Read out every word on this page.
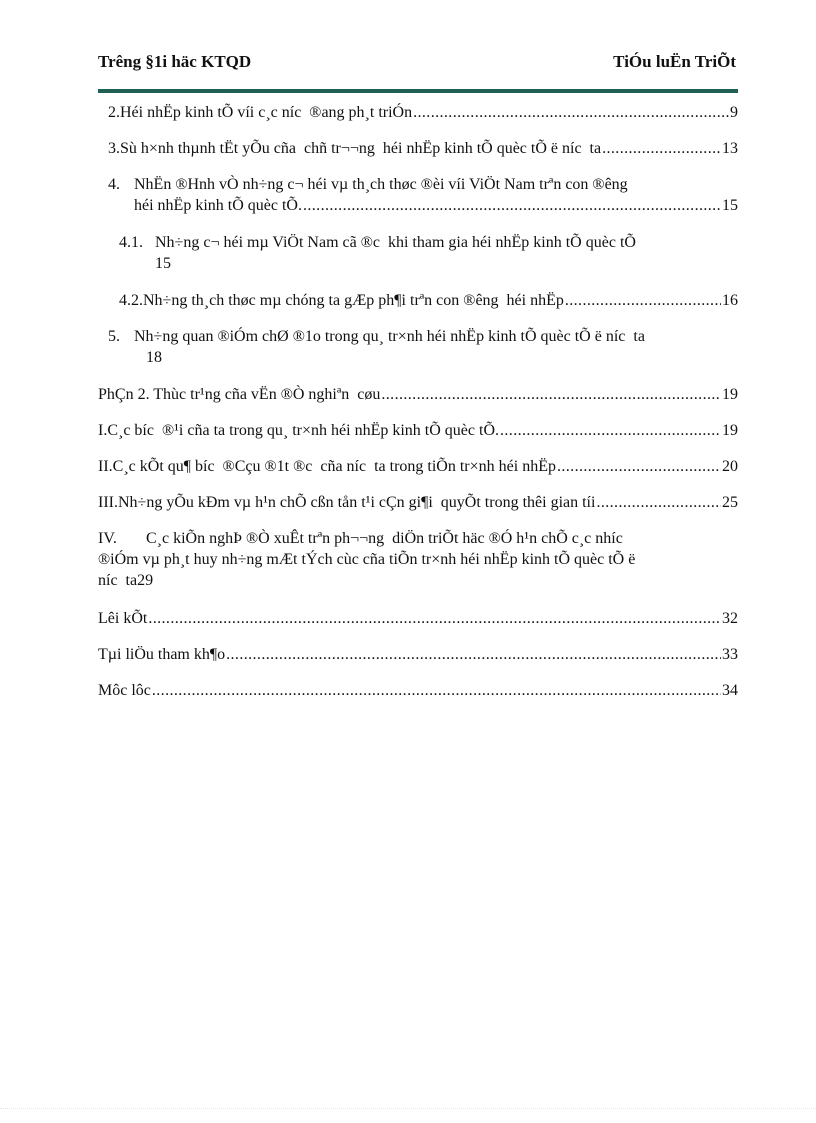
Trêng §1i häc KTQD	TiÓu luËn TriÕt
2. Héi nhËp kinh tÕ víi c¸c níc  ®ang ph¸t triÓn .....	9
3. Sù h×nh thµnh tËt yÕu cña  chñ tr¬¬ng  héi nhËp kinh tÕ quèc tÕ ë níc  ta .....	13
4. NhËn ®Hnh vÒ nh÷ng c¬ héi vµ th¸ch thøc ®èi víi ViÖt Nam trªn con ®êng
héi nhËp kinh tÕ quèc tÕ. .....	15
4.1. Nh÷ng c¬ héi mµ ViÖt Nam cã ®c  khi tham gia héi nhËp kinh tÕ quèc tÕ
15
4.2. Nh÷ng th¸ch thøc mµ chóng ta gÆp ph¶i trªn con ®êng  héi nhËp .....	16
5. Nh÷ng quan ®iÓm chØ ®1o trong qu¸ tr×nh héi nhËp kinh tÕ quèc tÕ ë níc  ta
18
PhÇn 2. Thùc tr¹ng cña vËn ®Ò nghiªn  cøu .....	19
I. C¸c bíc  ®¹i cña ta trong qu¸ tr×nh héi nhËp kinh tÕ quèc tÕ. .....	19
II. C¸c kÕt qu¶ bíc  ®Cçu ®1t ®c  cña níc  ta trong tiÕn tr×nh héi nhËp .....	20
III. Nh÷ng yÕu kÐm vµ h¹n chÕ cßn tån t¹i cÇn gi¶i  quyÕt trong thêi gian tíi .....	25
IV.	C¸c kiÕn nghÞ ®Ò xuÊt trªn ph¬¬ng  diÖn triÕt häc ®Ó h¹n chÕ c¸c nhíc
®iÓm vµ ph¸t huy nh÷ng mÆt tÝch cùc cña tiÕn tr×nh héi nhËp kinh tÕ quèc tÕ ë
níc  ta29
Lêi kÕt .....	32
Tµi liÖu tham kh¶o .....	33
Môc lôc .....	34
